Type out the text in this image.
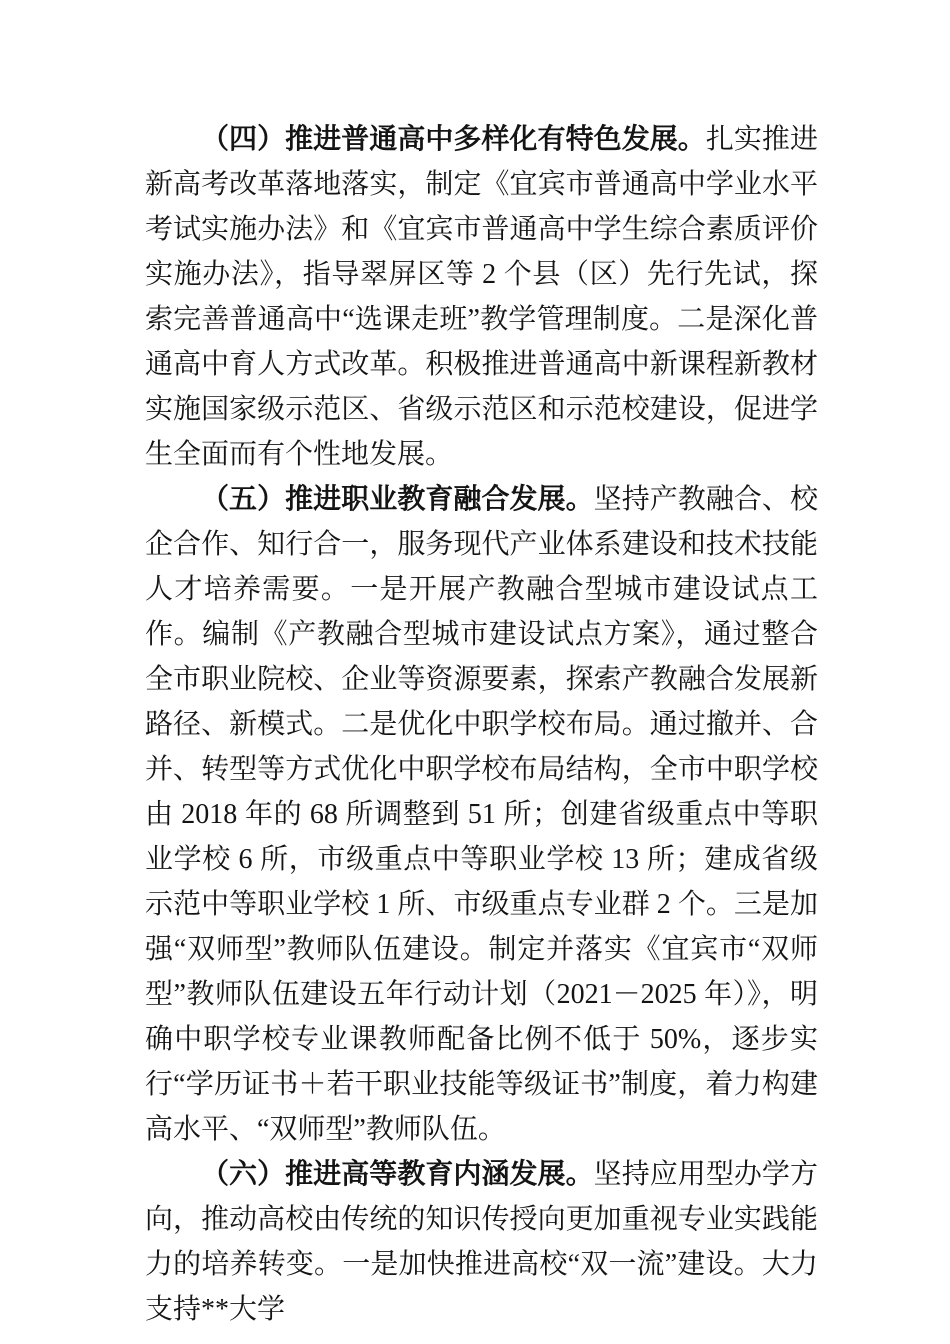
（四）推进普通高中多样化有特色发展。扎实推进新高考改革落地落实，制定《宜宾市普通高中学业水平考试实施办法》和《宜宾市普通高中学生综合素质评价实施办法》，指导翠屏区等 2 个县（区）先行先试，探索完善普通高中“选课走班”教学管理制度。二是深化普通高中育人方式改革。积极推进普通高中新课程新教材实施国家级示范区、省级示范区和示范校建设，促进学生全面而有个性地发展。

（五）推进职业教育融合发展。坚持产教融合、校企合作、知行合一，服务现代产业体系建设和技术技能人才培养需要。一是开展产教融合型城市建设试点工作。编制《产教融合型城市建设试点方案》，通过整合全市职业院校、企业等资源要素，探索产教融合发展新路径、新模式。二是优化中职学校布局。通过撤并、合并、转型等方式优化中职学校布局结构，全市中职学校由 2018 年的 68 所调整到 51 所；创建省级重点中等职业学校 6 所，市级重点中等职业学校 13 所；建成省级示范中等职业学校 1 所、市级重点专业群 2 个。三是加强“双师型”教师队伍建设。制定并落实《宜宾市“双师型”教师队伍建设五年行动计划（2021－2025 年）》，明确中职学校专业课教师配备比例不低于 50%，逐步实行“学历证书＋若干职业技能等级证书”制度，着力构建高水平、“双师型”教师队伍。

（六）推进高等教育内涵发展。坚持应用型办学方向，推动高校由传统的知识传授向更加重视专业实践能力的培养转变。一是加快推进高校“双一流”建设。大力支持**大学
